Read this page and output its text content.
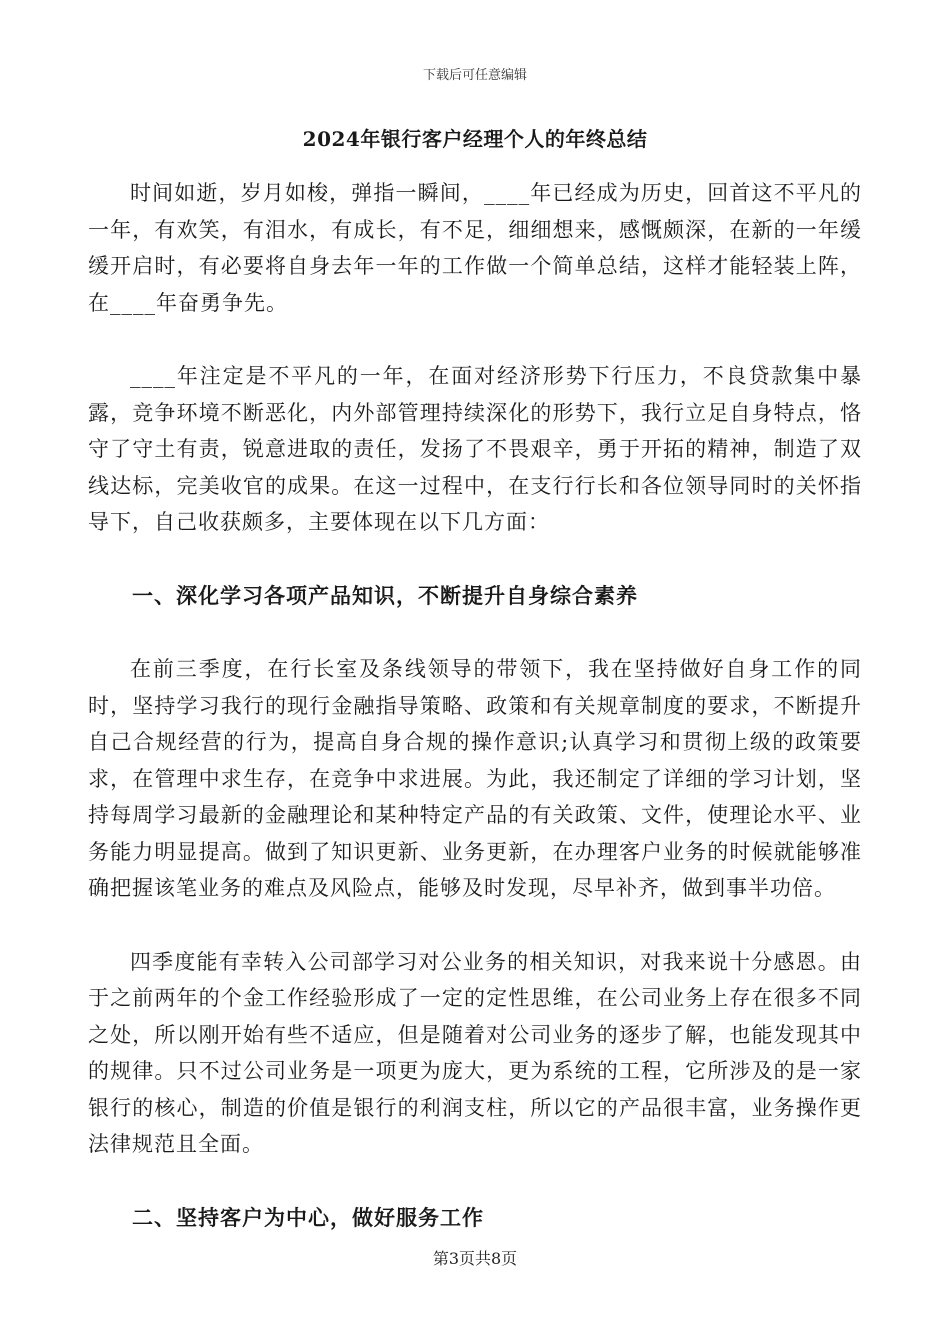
下载后可任意编辑
2024年银行客户经理个人的年终总结

时间如逝，岁月如梭，弹指一瞬间，____年已经成为历史，回首这不平凡的一年，有欢笑，有泪水，有成长，有不足，细细想来，感慨颇深，在新的一年缓缓开启时，有必要将自身去年一年的工作做一个简单总结，这样才能轻装上阵，在____年奋勇争先。

____年注定是不平凡的一年，在面对经济形势下行压力，不良贷款集中暴露，竞争环境不断恶化，内外部管理持续深化的形势下，我行立足自身特点，恪守了守土有责，锐意进取的责任，发扬了不畏艰辛，勇于开拓的精神，制造了双线达标，完美收官的成果。在这一过程中，在支行行长和各位领导同时的关怀指导下，自己收获颇多，主要体现在以下几方面：

一、深化学习各项产品知识，不断提升自身综合素养

在前三季度，在行长室及条线领导的带领下，我在坚持做好自身工作的同时，坚持学习我行的现行金融指导策略、政策和有关规章制度的要求，不断提升自己合规经营的行为，提高自身合规的操作意识;认真学习和贯彻上级的政策要求，在管理中求生存，在竞争中求进展。为此，我还制定了详细的学习计划，坚持每周学习最新的金融理论和某种特定产品的有关政策、文件，使理论水平、业务能力明显提高。做到了知识更新、业务更新，在办理客户业务的时候就能够准确把握该笔业务的难点及风险点，能够及时发现，尽早补齐，做到事半功倍。

四季度能有幸转入公司部学习对公业务的相关知识，对我来说十分感恩。由于之前两年的个金工作经验形成了一定的定性思维，在公司业务上存在很多不同之处，所以刚开始有些不适应，但是随着对公司业务的逐步了解，也能发现其中的规律。只不过公司业务是一项更为庞大，更为系统的工程，它所涉及的是一家银行的核心，制造的价值是银行的利润支柱，所以它的产品很丰富，业务操作更法律规范且全面。

二、坚持客户为中心，做好服务工作

第3页共8页
